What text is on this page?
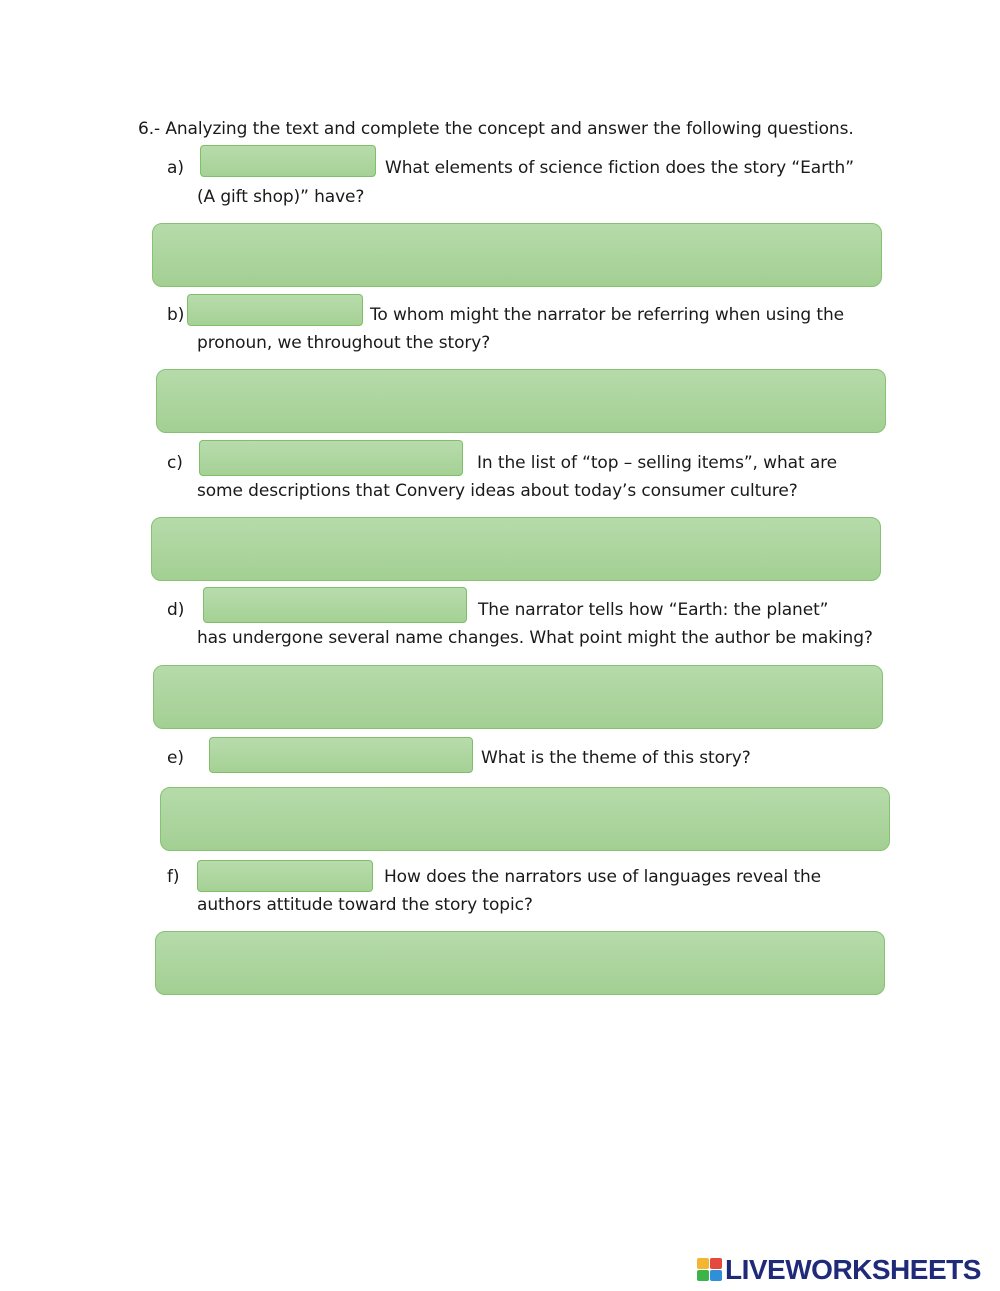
6.- Analyzing the text and complete the concept and answer the following questions.
a)	What elements of science fiction does the story “Earth”
(A gift shop)” have?
b)	To whom might the narrator be referring when using the
pronoun, we throughout the story?
c)	In the list of “top – selling items”, what are
some descriptions that Convery ideas about today’s consumer culture?
d)	The narrator tells how “Earth: the planet”
has undergone several name changes. What point might the author be making?
e)	What is the theme of this story?
f)	How does the narrators use of languages reveal the
authors attitude toward the story topic?
LIVEWORKSHEETS
